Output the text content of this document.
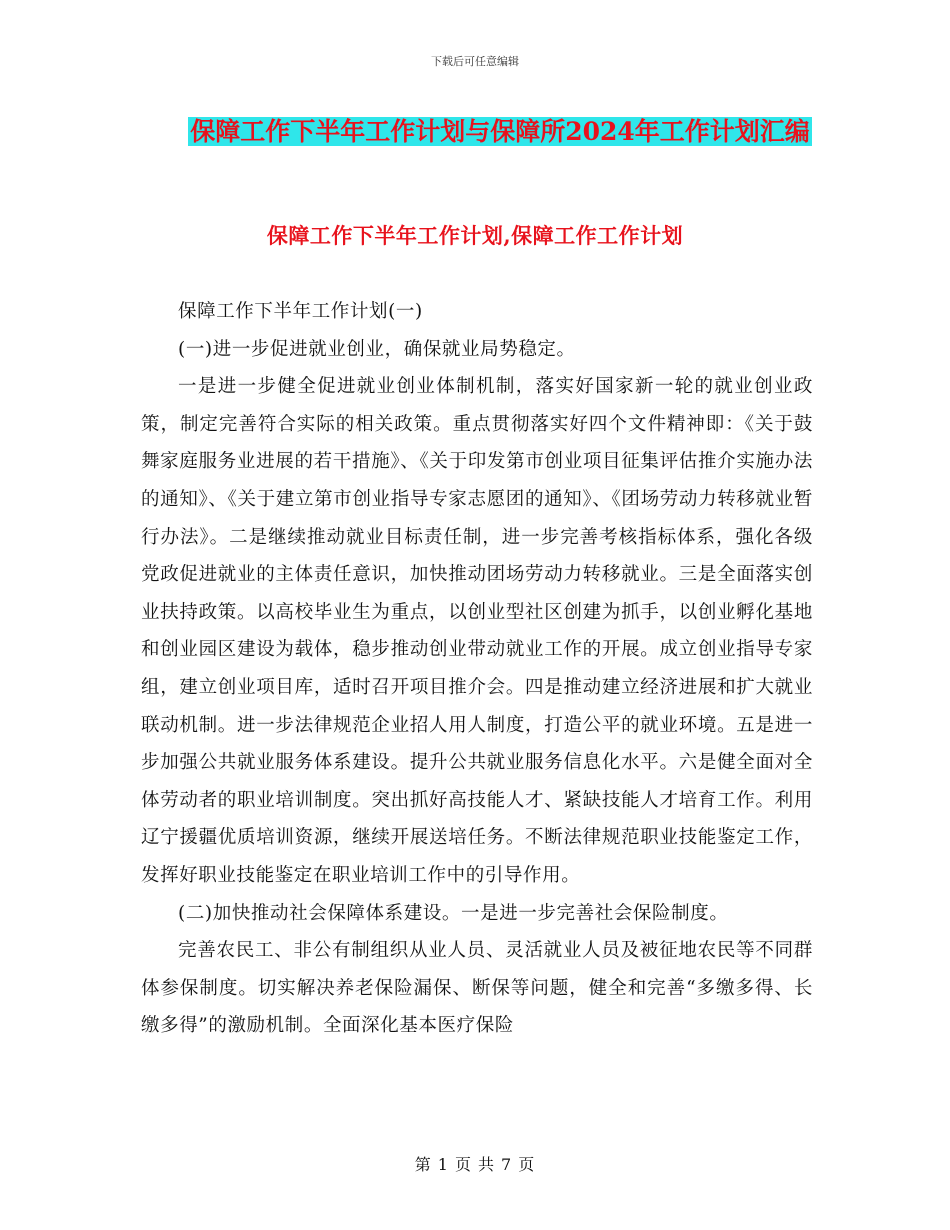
下载后可任意编辑
保障工作下半年工作计划与保障所2024年工作计划汇编
保障工作下半年工作计划,保障工作工作计划

保障工作下半年工作计划(一)

(一)进一步促进就业创业，确保就业局势稳定。

一是进一步健全促进就业创业体制机制，落实好国家新一轮的就业创业政策，制定完善符合实际的相关政策。重点贯彻落实好四个文件精神即：《关于鼓舞家庭服务业进展的若干措施》、《关于印发第市创业项目征集评估推介实施办法的通知》、《关于建立第市创业指导专家志愿团的通知》、《团场劳动力转移就业暂行办法》。二是继续推动就业目标责任制，进一步完善考核指标体系，强化各级党政促进就业的主体责任意识，加快推动团场劳动力转移就业。三是全面落实创业扶持政策。以高校毕业生为重点，以创业型社区创建为抓手，以创业孵化基地和创业园区建设为载体，稳步推动创业带动就业工作的开展。成立创业指导专家组，建立创业项目库，适时召开项目推介会。四是推动建立经济进展和扩大就业联动机制。进一步法律规范企业招人用人制度，打造公平的就业环境。五是进一步加强公共就业服务体系建设。提升公共就业服务信息化水平。六是健全面对全体劳动者的职业培训制度。突出抓好高技能人才、紧缺技能人才培育工作。利用辽宁援疆优质培训资源，继续开展送培任务。不断法律规范职业技能鉴定工作，发挥好职业技能鉴定在职业培训工作中的引导作用。

(二)加快推动社会保障体系建设。一是进一步完善社会保险制度。

完善农民工、非公有制组织从业人员、灵活就业人员及被征地农民等不同群体参保制度。切实解决养老保险漏保、断保等问题，健全和完善“多缴多得、长缴多得”的激励机制。全面深化基本医疗保险

第 1 页 共 7 页
